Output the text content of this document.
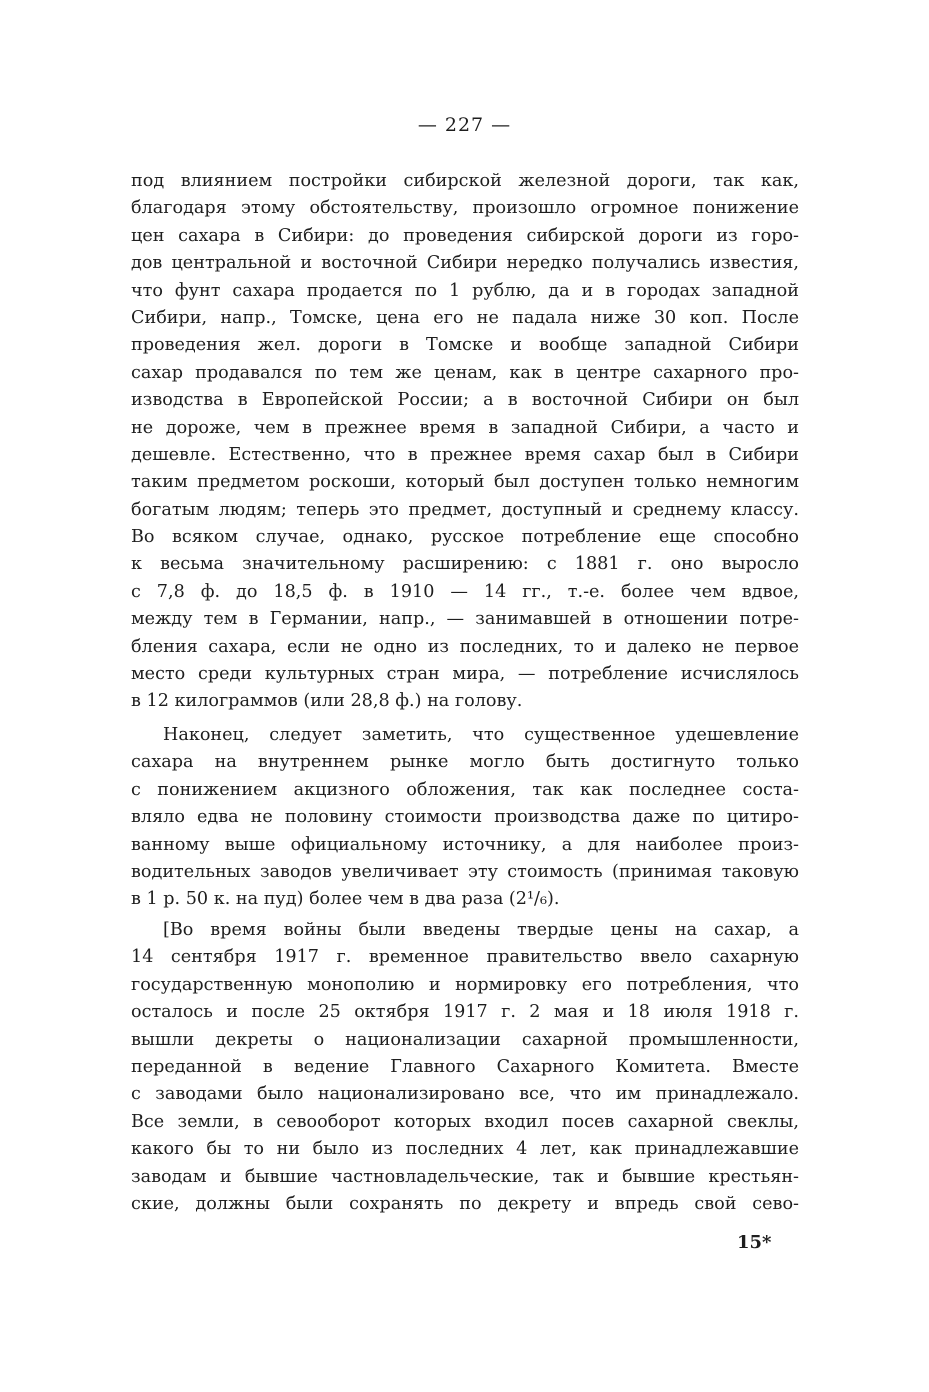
— 227 —
под влиянием постройки сибирской железной дороги, так как,
благодаря этому обстоятельству, произошло огромное понижение
цен сахара в Сибири: до проведения сибирской дороги из горо-
дов центральной и восточной Сибири нередко получались известия,
что фунт сахара продается по 1 рублю, да и в городах западной
Сибири, напр., Томске, цена его не падала ниже 30 коп. После
проведения жел. дороги в Томске и вообще западной Сибири
сахар продавался по тем же ценам, как в центре сахарного про-
изводства в Европейской России; а в восточной Сибири он был
не дороже, чем в прежнее время в западной Сибири, а часто и
дешевле. Естественно, что в прежнее время сахар был в Сибири
таким предметом роскоши, который был доступен только немногим
богатым людям; теперь это предмет, доступный и среднему классу.
Во всяком случае, однако, русское потребление еще способно
к весьма значительному расширению: с 1881 г. оно выросло
с 7,8 ф. до 18,5 ф. в 1910 — 14 гг., т.-е. более чем вдвое,
между тем в Германии, напр., — занимавшей в отношении потре-
бления сахара, если не одно из последних, то и далеко не первое
место среди культурных стран мира, — потребление исчислялось
в 12 килограммов (или 28,8 ф.) на голову.
Наконец, следует заметить, что существенное удешевление
сахара на внутреннем рынке могло быть достигнуто только
с понижением акцизного обложения, так как последнее соста-
вляло едва не половину стоимости производства даже по цитиро-
ванному выше официальному источнику, а для наиболее произ-
водительных заводов увеличивает эту стоимость (принимая таковую
в 1 р. 50 к. на пуд) более чем в два раза (2¹/₆).
[Во время войны были введены твердые цены на сахар, а
14 сентября 1917 г. временное правительство ввело сахарную
государственную монополию и нормировку его потребления, что
осталось и после 25 октября 1917 г. 2 мая и 18 июля 1918 г.
вышли декреты о национализации сахарной промышленности,
переданной в ведение Главного Сахарного Комитета. Вместе
с заводами было национализировано все, что им принадлежало.
Все земли, в севооборот которых входил посев сахарной свеклы,
какого бы то ни было из последних 4 лет, как принадлежавшие
заводам и бывшие частновладельческие, так и бывшие крестьян-
ские, должны были сохранять по декрету и впредь свой сево-
15*
